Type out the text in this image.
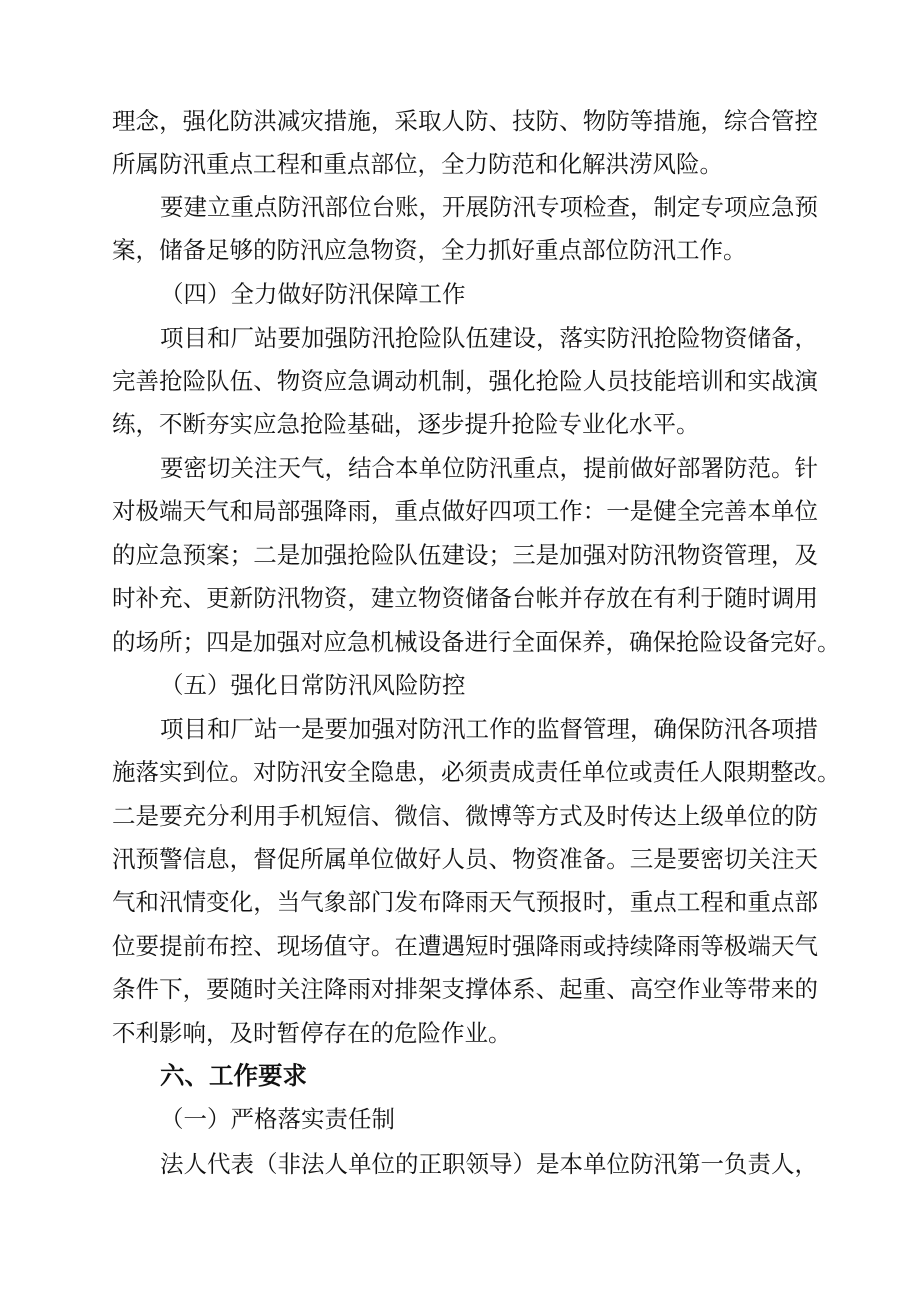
理念，强化防洪减灾措施，采取人防、技防、物防等措施，综合管控
所属防汛重点工程和重点部位，全力防范和化解洪涝风险。
要建立重点防汛部位台账，开展防汛专项检查，制定专项应急预
案，储备足够的防汛应急物资，全力抓好重点部位防汛工作。
（四）全力做好防汛保障工作
项目和厂站要加强防汛抢险队伍建设，落实防汛抢险物资储备，
完善抢险队伍、物资应急调动机制，强化抢险人员技能培训和实战演
练，不断夯实应急抢险基础，逐步提升抢险专业化水平。
要密切关注天气，结合本单位防汛重点，提前做好部署防范。针
对极端天气和局部强降雨，重点做好四项工作：一是健全完善本单位
的应急预案；二是加强抢险队伍建设；三是加强对防汛物资管理，及
时补充、更新防汛物资，建立物资储备台帐并存放在有利于随时调用
的场所；四是加强对应急机械设备进行全面保养，确保抢险设备完好。
（五）强化日常防汛风险防控
项目和厂站一是要加强对防汛工作的监督管理，确保防汛各项措
施落实到位。对防汛安全隐患，必须责成责任单位或责任人限期整改。
二是要充分利用手机短信、微信、微博等方式及时传达上级单位的防
汛预警信息，督促所属单位做好人员、物资准备。三是要密切关注天
气和汛情变化，当气象部门发布降雨天气预报时，重点工程和重点部
位要提前布控、现场值守。在遭遇短时强降雨或持续降雨等极端天气
条件下，要随时关注降雨对排架支撑体系、起重、高空作业等带来的
不利影响，及时暂停存在的危险作业。
六、工作要求
（一）严格落实责任制
法人代表（非法人单位的正职领导）是本单位防汛第一负责人，
